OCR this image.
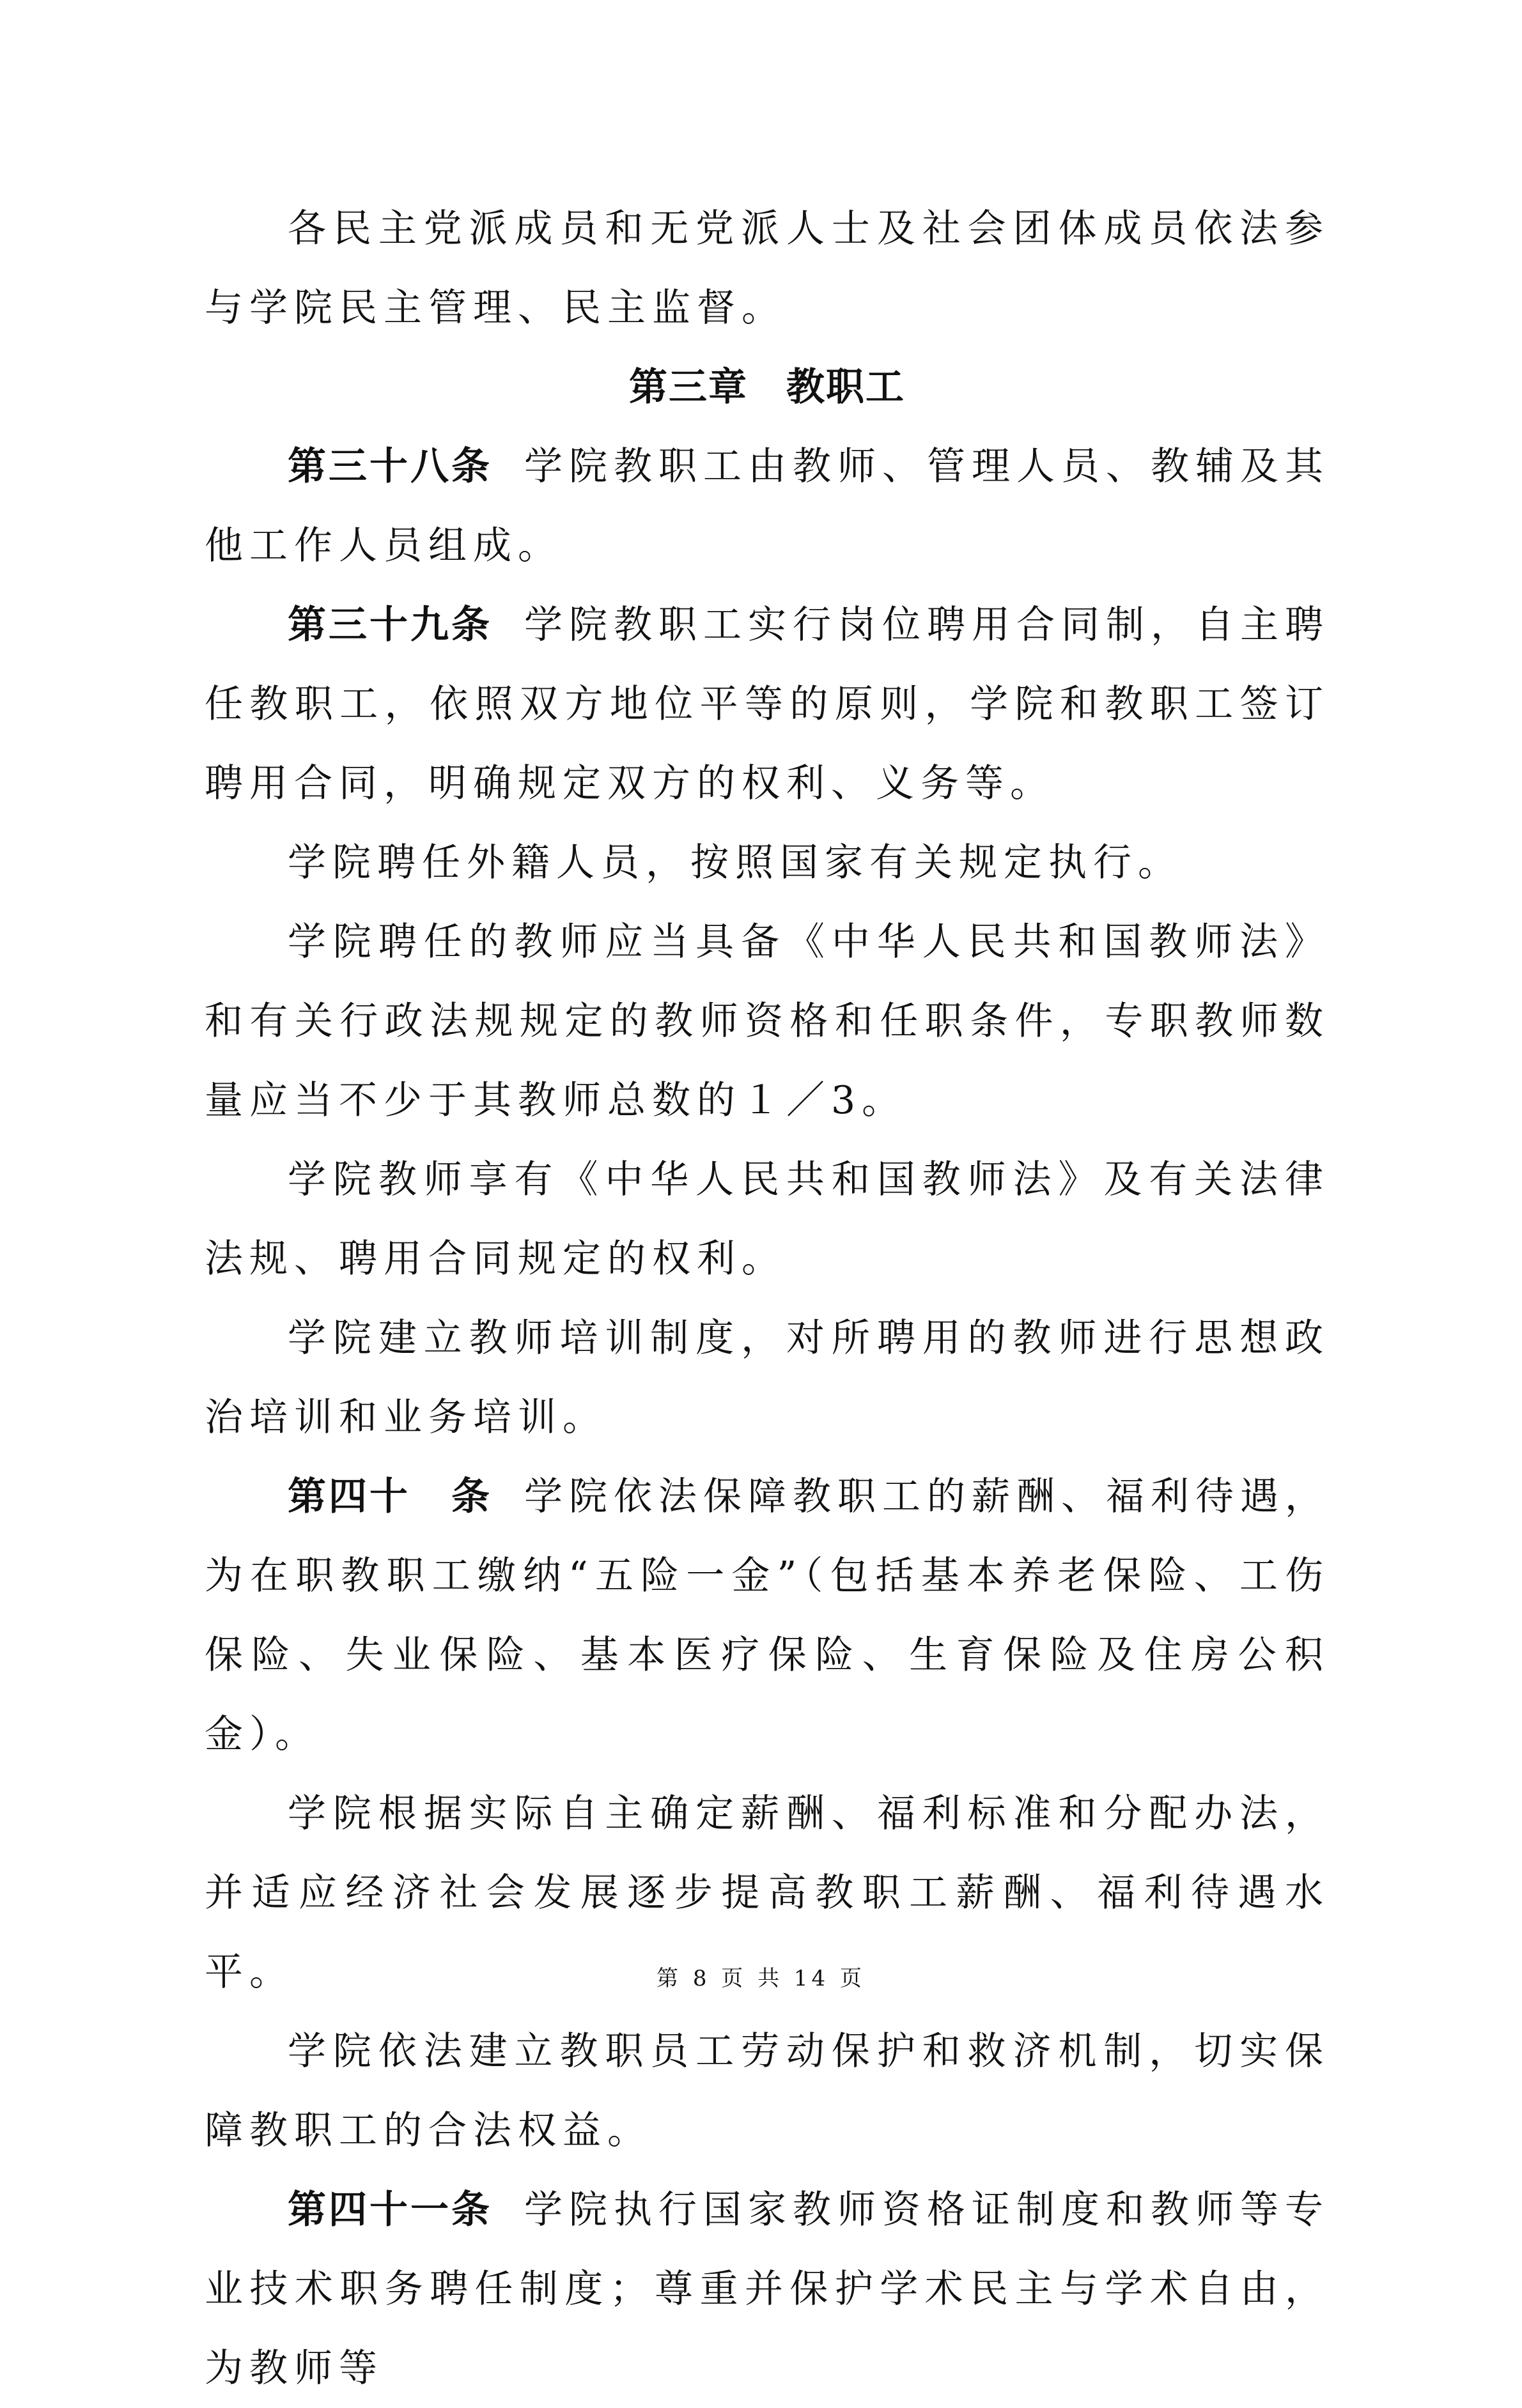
各民主党派成员和无党派人士及社会团体成员依法参与学院民主管理、民主监督。

第三章 教职工

第三十八条 学院教职工由教师、管理人员、教辅及其他工作人员组成。

第三十九条 学院教职工实行岗位聘用合同制，自主聘任教职工，依照双方地位平等的原则，学院和教职工签订聘用合同，明确规定双方的权利、义务等。

学院聘任外籍人员，按照国家有关规定执行。

学院聘任的教师应当具备《中华人民共和国教师法》和有关行政法规规定的教师资格和任职条件，专职教师数量应当不少于其教师总数的１／3。

学院教师享有《中华人民共和国教师法》及有关法律法规、聘用合同规定的权利。

学院建立教师培训制度，对所聘用的教师进行思想政治培训和业务培训。

第四十　条 学院依法保障教职工的薪酬、福利待遇，为在职教职工缴纳“五险一金”（包括基本养老保险、工伤保险、失业保险、基本医疗保险、生育保险及住房公积金）。

学院根据实际自主确定薪酬、福利标准和分配办法，并适应经济社会发展逐步提高教职工薪酬、福利待遇水平。

学院依法建立教职员工劳动保护和救济机制，切实保障教职工的合法权益。

第四十一条 学院执行国家教师资格证制度和教师等专业技术职务聘任制度；尊重并保护学术民主与学术自由，为教师等

第 8 页 共 14 页
